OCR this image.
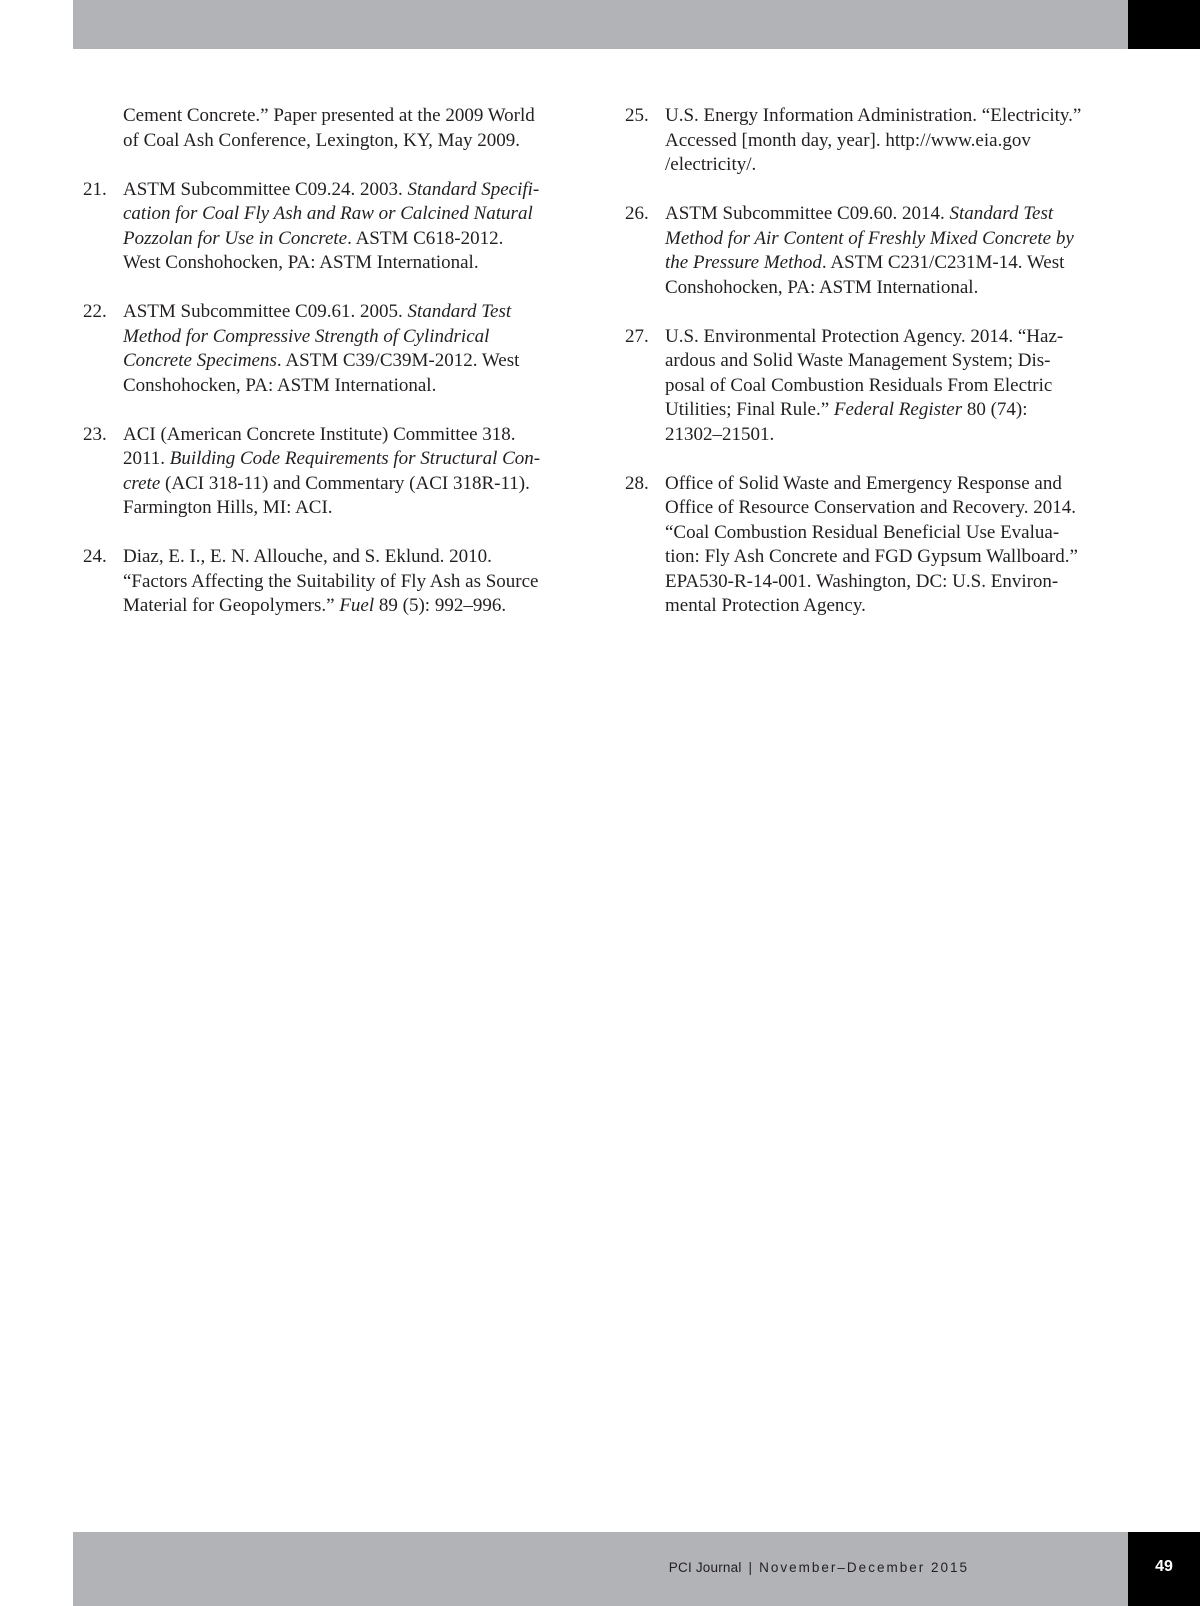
Cement Concrete.” Paper presented at the 2009 World
of Coal Ash Conference, Lexington, KY, May 2009.
21. ASTM Subcommittee C09.24. 2003. Standard Specifi-
cation for Coal Fly Ash and Raw or Calcined Natural
Pozzolan for Use in Concrete. ASTM C618-2012.
West Conshohocken, PA: ASTM International.
22. ASTM Subcommittee C09.61. 2005. Standard Test
Method for Compressive Strength of Cylindrical
Concrete Specimens. ASTM C39/C39M-2012. West
Conshohocken, PA: ASTM International.
23. ACI (American Concrete Institute) Committee 318.
2011. Building Code Requirements for Structural Con-
crete (ACI 318-11) and Commentary (ACI 318R-11).
Farmington Hills, MI: ACI.
24. Diaz, E. I., E. N. Allouche, and S. Eklund. 2010.
“Factors Affecting the Suitability of Fly Ash as Source
Material for Geopolymers.” Fuel 89 (5): 992–996.
25. U.S. Energy Information Administration. “Electricity.”
Accessed [month day, year]. http://www.eia.gov
/electricity/.
26. ASTM Subcommittee C09.60. 2014. Standard Test
Method for Air Content of Freshly Mixed Concrete by
the Pressure Method. ASTM C231/C231M-14. West
Conshohocken, PA: ASTM International.
27. U.S. Environmental Protection Agency. 2014. “Haz-
ardous and Solid Waste Management System; Dis-
posal of Coal Combustion Residuals From Electric
Utilities; Final Rule.” Federal Register 80 (74):
21302–21501.
28. Office of Solid Waste and Emergency Response and
Office of Resource Conservation and Recovery. 2014.
“Coal Combustion Residual Beneficial Use Evalua-
tion: Fly Ash Concrete and FGD Gypsum Wallboard.”
EPA530-R-14-001. Washington, DC: U.S. Environ-
mental Protection Agency.
PCI Journal | November–December 2015	49
